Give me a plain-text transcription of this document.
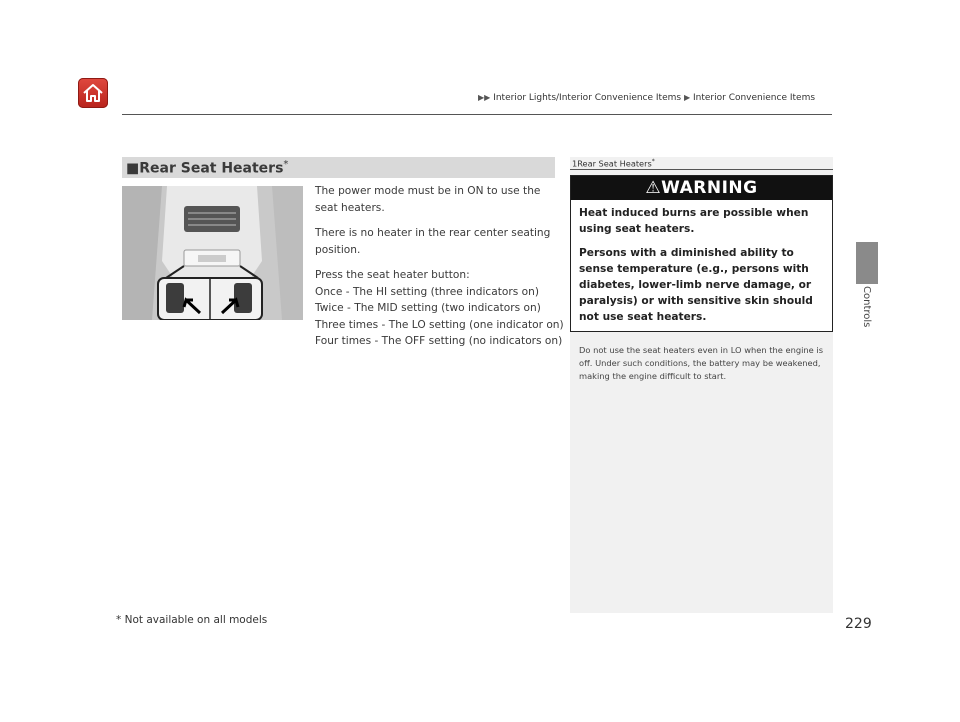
▶▶ Interior Lights/Interior Convenience Items ▶ Interior Convenience Items
Controls
■Rear Seat Heaters*

The power mode must be in ON to use the seat heaters.

There is no heater in the rear center seating position.

Press the seat heater button:
Once - The HI setting (three indicators on)
Twice - The MID setting (two indicators on)
Three times - The LO setting (one indicator on)
Four times - The OFF setting (no indicators on)
1Rear Seat Heaters*
⚠WARNING

Heat induced burns are possible when using seat heaters.

Persons with a diminished ability to sense temperature (e.g., persons with diabetes, lower-limb nerve damage, or paralysis) or with sensitive skin should not use seat heaters.

Do not use the seat heaters even in LO when the engine is off. Under such conditions, the battery may be weakened, making the engine difficult to start.
* Not available on all models	229
